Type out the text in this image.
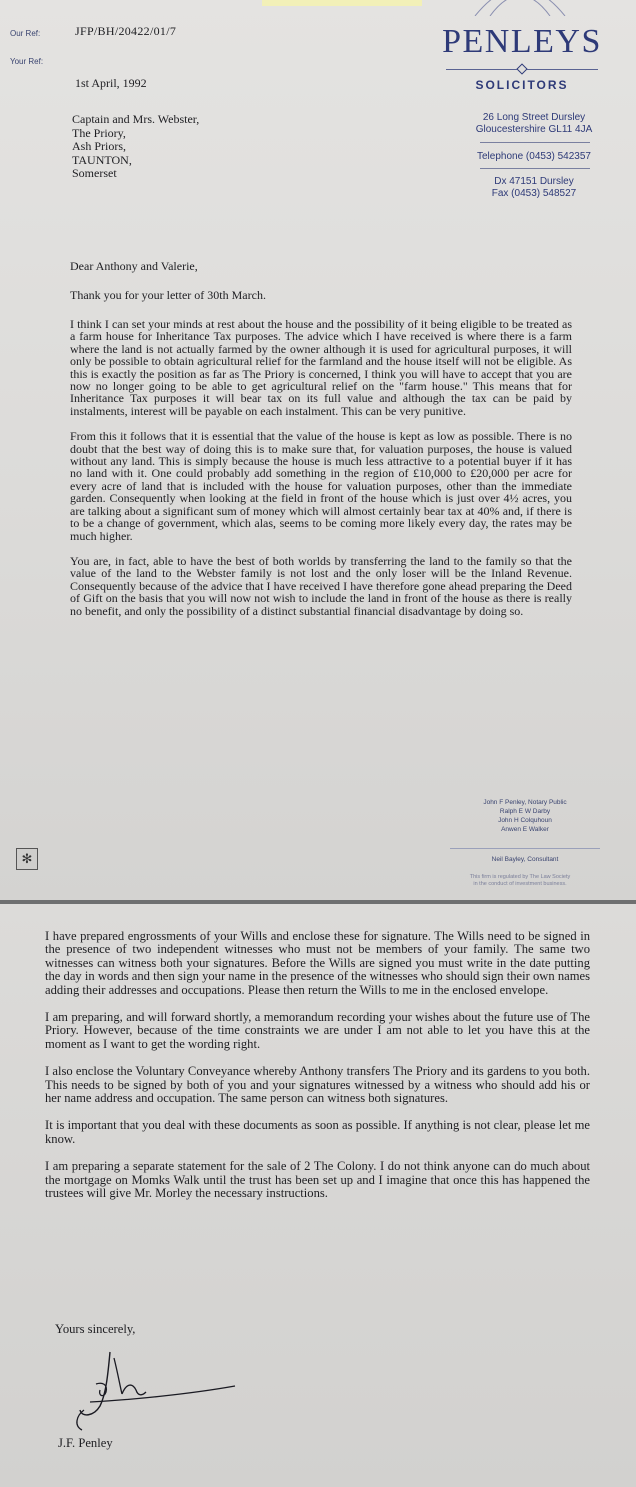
Our Ref:	JFP/BH/20422/01/7
Your Ref:
1st April, 1992
Captain and Mrs. Webster,
The Priory,
Ash Priors,
TAUNTON,
Somerset
PENLEYS
SOLICITORS
26 Long Street Dursley
Gloucestershire GL11 4JA
Telephone (0453) 542357
Dx 47151 Dursley
Fax (0453) 548527
Dear Anthony and Valerie,
Thank you for your letter of 30th March.

I think I can set your minds at rest about the house and the possibility of it being eligible to be treated as a farm house for Inheritance Tax purposes. The advice which I have received is where there is a farm where the land is not actually farmed by the owner although it is used for agricultural purposes, it will only be possible to obtain agricultural relief for the farmland and the house itself will not be eligible. As this is exactly the position as far as The Priory is concerned, I think you will have to accept that you are now no longer going to be able to get agricultural relief on the "farm house." This means that for Inheritance Tax purposes it will bear tax on its full value and although the tax can be paid by instalments, interest will be payable on each instalment. This can be very punitive.

From this it follows that it is essential that the value of the house is kept as low as possible. There is no doubt that the best way of doing this is to make sure that, for valuation purposes, the house is valued without any land. This is simply because the house is much less attractive to a potential buyer if it has no land with it. One could probably add something in the region of £10,000 to £20,000 per acre for every acre of land that is included with the house for valuation purposes, other than the immediate garden. Consequently when looking at the field in front of the house which is just over 4½ acres, you are talking about a significant sum of money which will almost certainly bear tax at 40% and, if there is to be a change of government, which alas, seems to be coming more likely every day, the rates may be much higher.

You are, in fact, able to have the best of both worlds by transferring the land to the family so that the value of the land to the Webster family is not lost and the only loser will be the Inland Revenue. Consequently because of the advice that I have received I have therefore gone ahead preparing the Deed of Gift on the basis that you will now not wish to include the land in front of the house as there is really no benefit, and only the possibility of a distinct substantial financial disadvantage by doing so.

John F Penley, Notary Public
Ralph E W Darby
John H Colquhoun
Anwen E Walker
Neil Bayley, Consultant
This firm is regulated by The Law Society
in the conduct of investment business.
✻

I have prepared engrossments of your Wills and enclose these for signature. The Wills need to be signed in the presence of two independent witnesses who must not be members of your family. The same two witnesses can witness both your signatures. Before the Wills are signed you must write in the date putting the day in words and then sign your name in the presence of the witnesses who should sign their own names adding their addresses and occupations. Please then return the Wills to me in the enclosed envelope.

I am preparing, and will forward shortly, a memorandum recording your wishes about the future use of The Priory. However, because of the time constraints we are under I am not able to let you have this at the moment as I want to get the wording right.

I also enclose the Voluntary Conveyance whereby Anthony transfers The Priory and its gardens to you both. This needs to be signed by both of you and your signatures witnessed by a witness who should add his or her name address and occupation. The same person can witness both signatures.

It is important that you deal with these documents as soon as possible. If anything is not clear, please let me know.

I am preparing a separate statement for the sale of 2 The Colony. I do not think anyone can do much about the mortgage on Momks Walk until the trust has been set up and I imagine that once this has happened the trustees will give Mr. Morley the necessary instructions.

Yours sincerely,
J.F. Penley
